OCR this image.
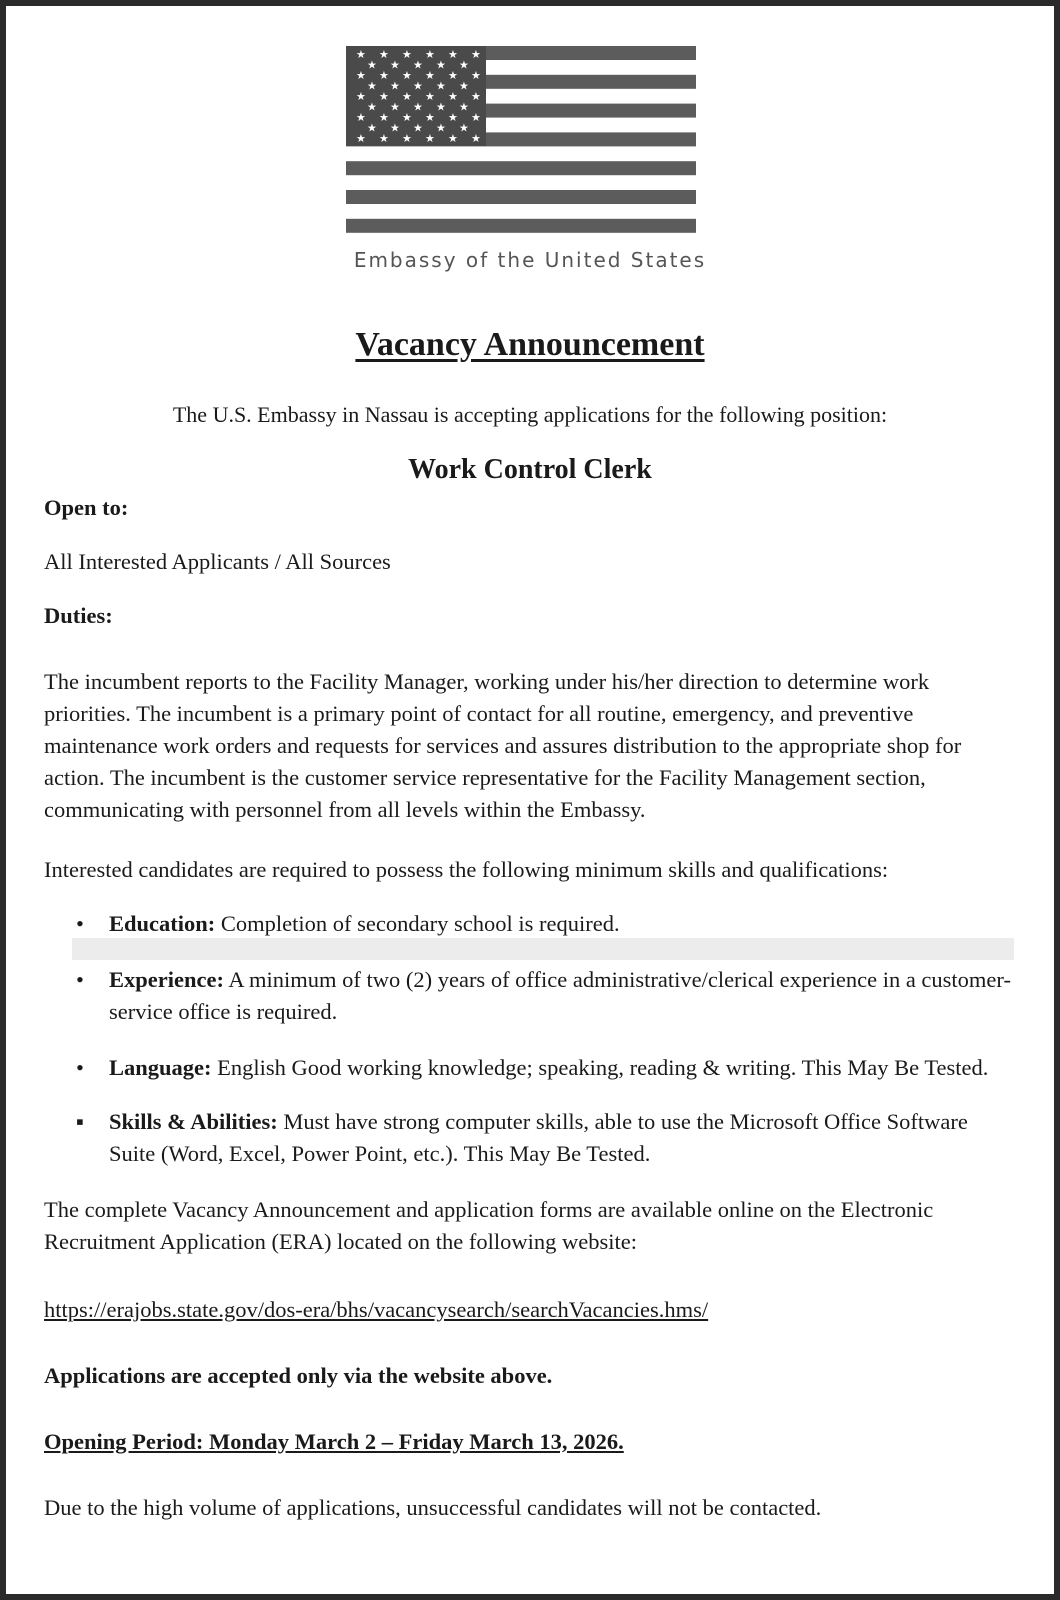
★ ★ ★ ★ ★ ★
★ ★ ★ ★ ★
★ ★ ★ ★ ★ ★
★ ★ ★ ★ ★
★ ★ ★ ★ ★ ★
★ ★ ★ ★ ★
★ ★ ★ ★ ★ ★
★ ★ ★ ★ ★
★ ★ ★ ★ ★ ★
Embassy of the United States
Vacancy Announcement
The U.S. Embassy in Nassau is accepting applications for the following position:
Work Control Clerk
Open to:
All Interested Applicants / All Sources
Duties:
The incumbent reports to the Facility Manager, working under his/her direction to determine work priorities. The incumbent is a primary point of contact for all routine, emergency, and preventive maintenance work orders and requests for services and assures distribution to the appropriate shop for action. The incumbent is the customer service representative for the Facility Management section, communicating with personnel from all levels within the Embassy.
Interested candidates are required to possess the following minimum skills and qualifications:
• Education: Completion of secondary school is required.
• Experience: A minimum of two (2) years of office administrative/clerical experience in a customer-service office is required.
• Language: English Good working knowledge; speaking, reading & writing. This May Be Tested.
▪ Skills & Abilities: Must have strong computer skills, able to use the Microsoft Office Software Suite (Word, Excel, Power Point, etc.). This May Be Tested.
The complete Vacancy Announcement and application forms are available online on the Electronic Recruitment Application (ERA) located on the following website:
https://erajobs.state.gov/dos-era/bhs/vacancysearch/searchVacancies.hms/
Applications are accepted only via the website above.
Opening Period: Monday March 2 – Friday March 13, 2026.
Due to the high volume of applications, unsuccessful candidates will not be contacted.
